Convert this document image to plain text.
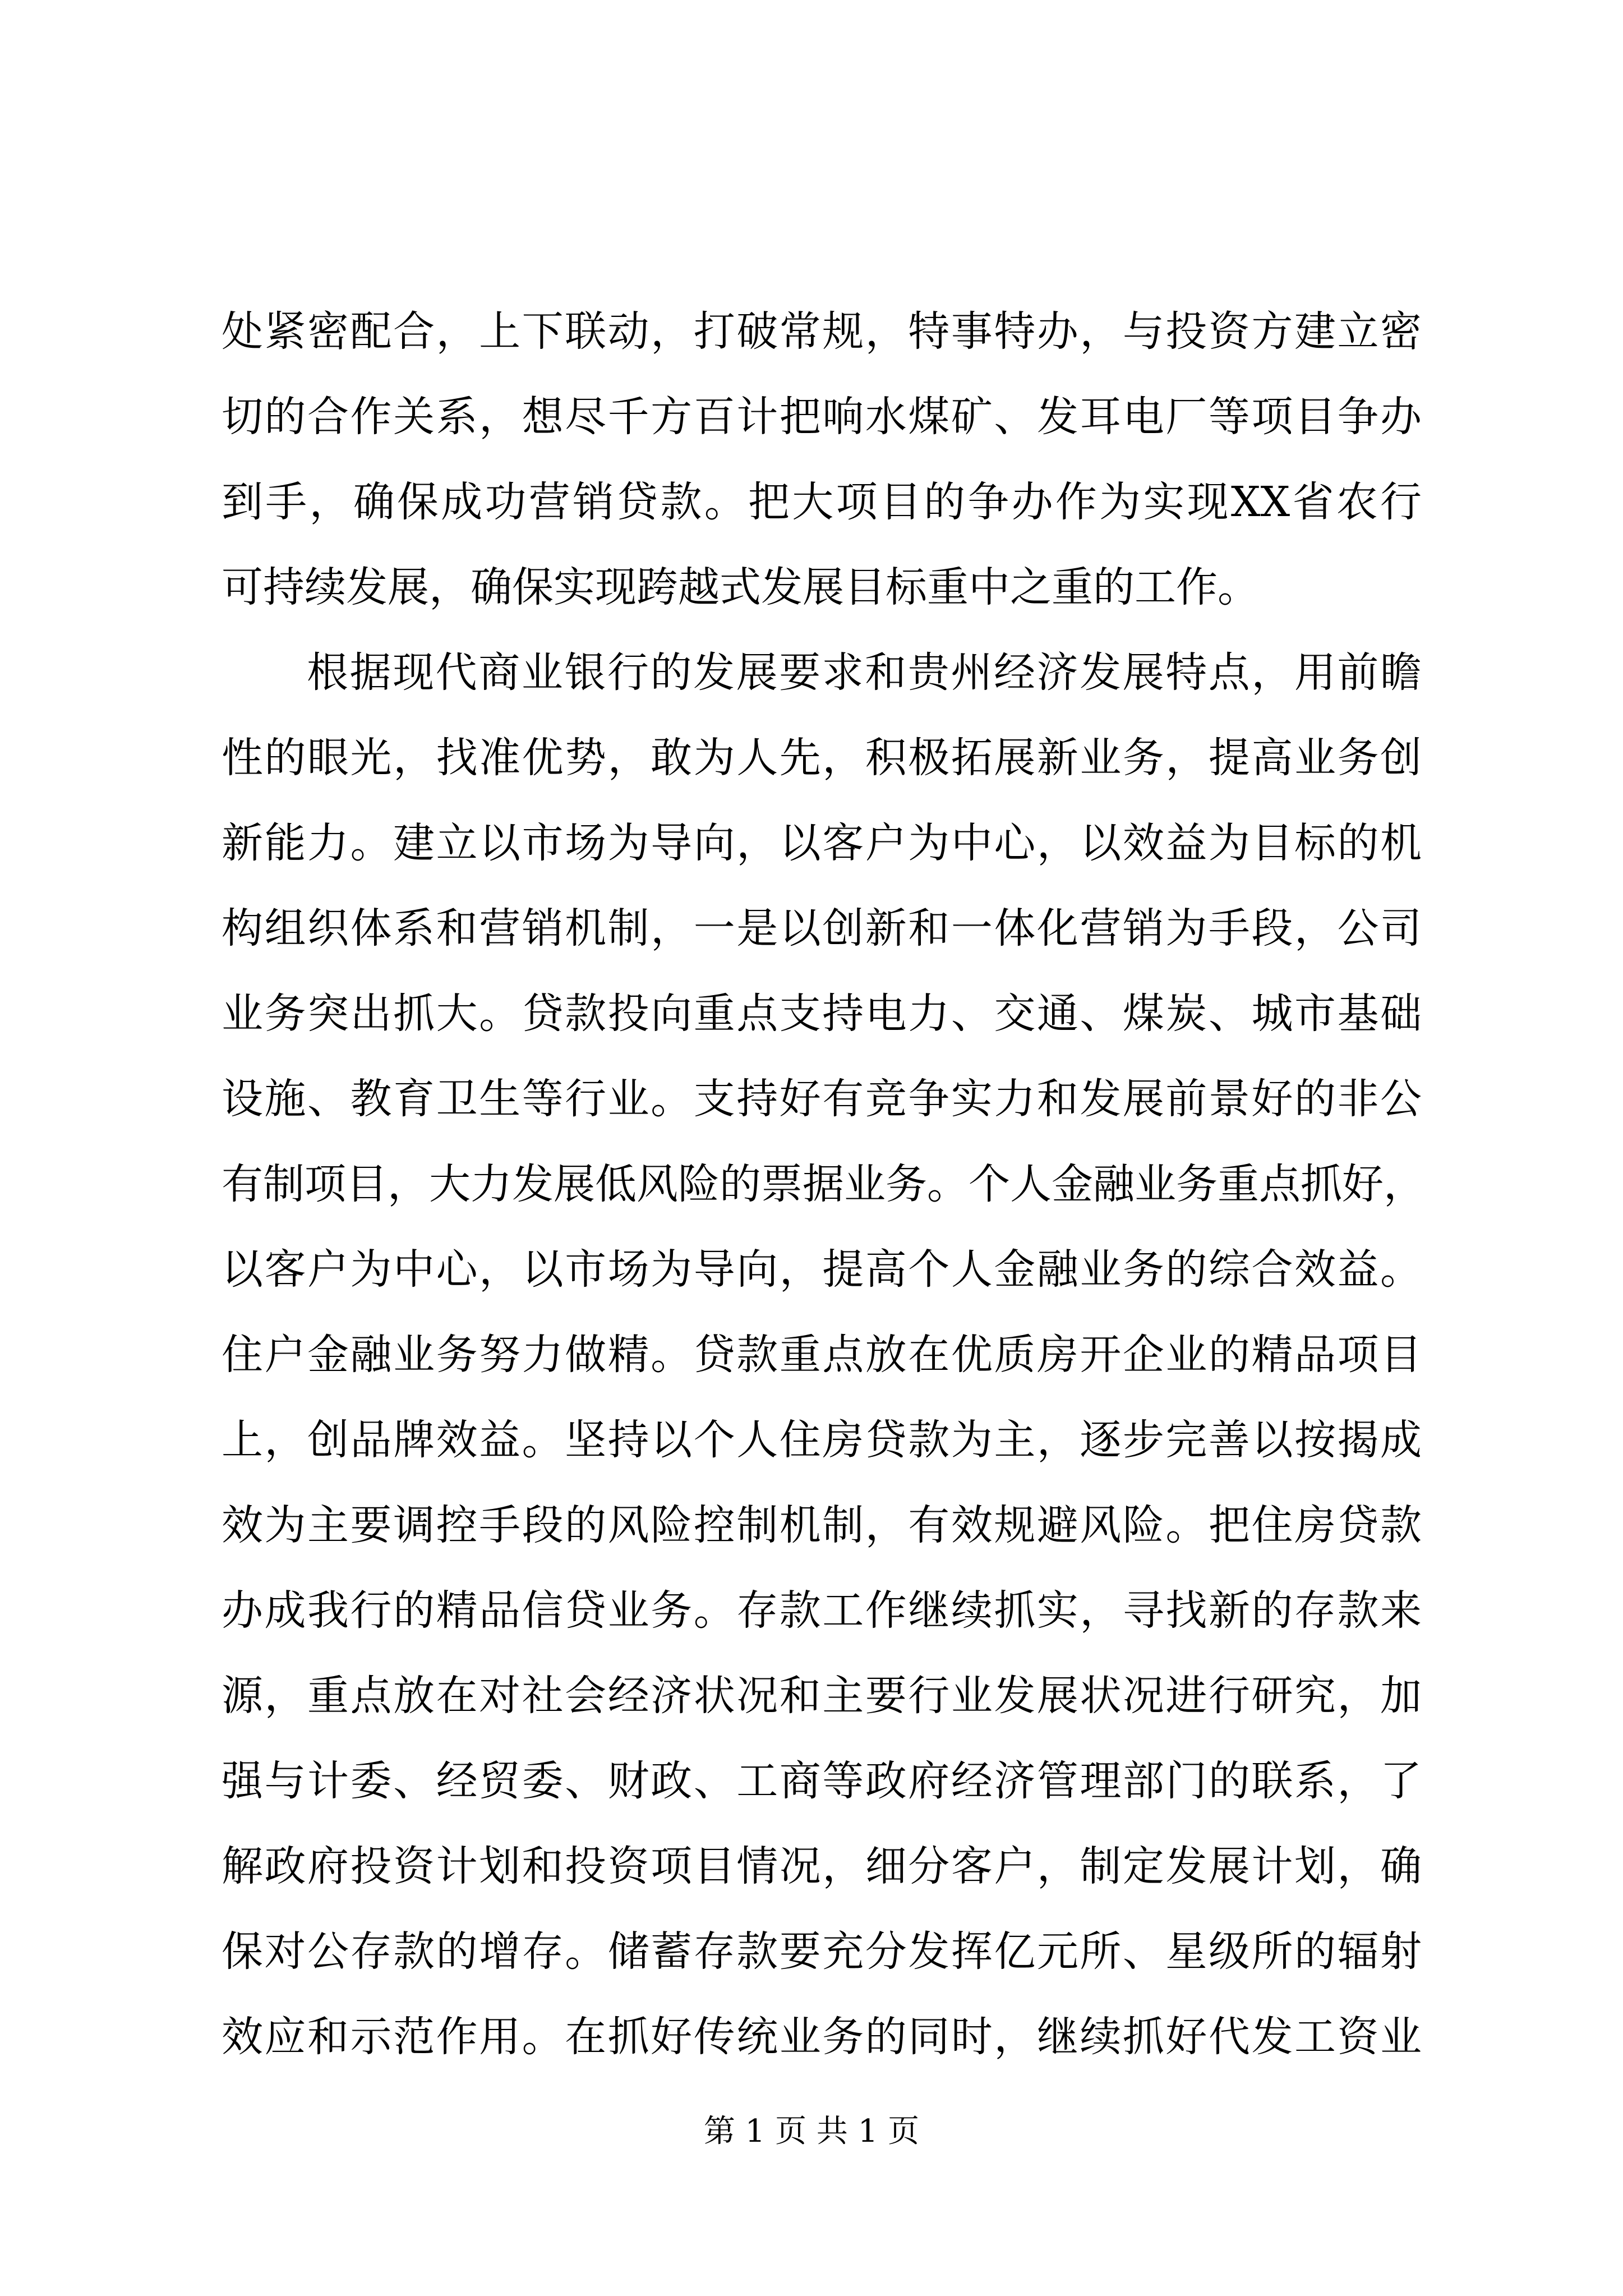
处紧密配合，上下联动，打破常规，特事特办，与投资方建立密
切的合作关系，想尽千方百计把响水煤矿、发耳电厂等项目争办
到手，确保成功营销贷款。把大项目的争办作为实现XX省农行
可持续发展，确保实现跨越式发展目标重中之重的工作。
根据现代商业银行的发展要求和贵州经济发展特点，用前瞻
性的眼光，找准优势，敢为人先，积极拓展新业务，提高业务创
新能力。建立以市场为导向，以客户为中心，以效益为目标的机
构组织体系和营销机制，一是以创新和一体化营销为手段，公司
业务突出抓大。贷款投向重点支持电力、交通、煤炭、城市基础
设施、教育卫生等行业。支持好有竞争实力和发展前景好的非公
有制项目，大力发展低风险的票据业务。个人金融业务重点抓好，
以客户为中心，以市场为导向，提高个人金融业务的综合效益。
住户金融业务努力做精。贷款重点放在优质房开企业的精品项目
上，创品牌效益。坚持以个人住房贷款为主，逐步完善以按揭成
效为主要调控手段的风险控制机制，有效规避风险。把住房贷款
办成我行的精品信贷业务。存款工作继续抓实，寻找新的存款来
源，重点放在对社会经济状况和主要行业发展状况进行研究，加
强与计委、经贸委、财政、工商等政府经济管理部门的联系，了
解政府投资计划和投资项目情况，细分客户，制定发展计划，确
保对公存款的增存。储蓄存款要充分发挥亿元所、星级所的辐射
效应和示范作用。在抓好传统业务的同时，继续抓好代发工资业
第 1 页 共 1 页
